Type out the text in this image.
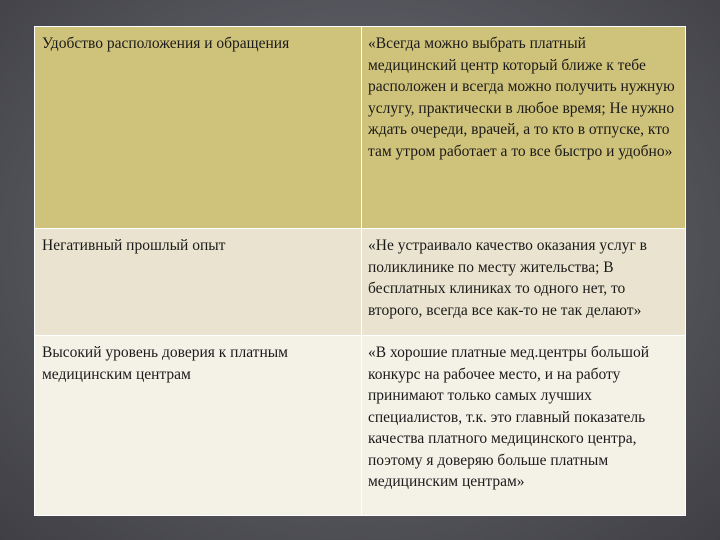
Удобство расположения и обращения	«Всегда можно выбрать платный медицинский центр который ближе к тебе расположен и всегда можно получить нужную услугу, практически в любое время; Не нужно ждать очереди, врачей, а то кто в отпуске, кто там утром работает а то все быстро и удобно»
Негативный прошлый опыт	«Не устраивало качество оказания услуг в поликлинике по месту жительства; В бесплатных клиниках то одного нет, то второго, всегда все как-то не так делают»
Высокий уровень доверия к платным медицинским центрам	«В хорошие платные мед.центры большой конкурс на рабочее место, и на работу принимают только самых лучших специалистов, т.к. это главный показатель качества платного медицинского центра, поэтому я доверяю больше платным медицинским центрам»
